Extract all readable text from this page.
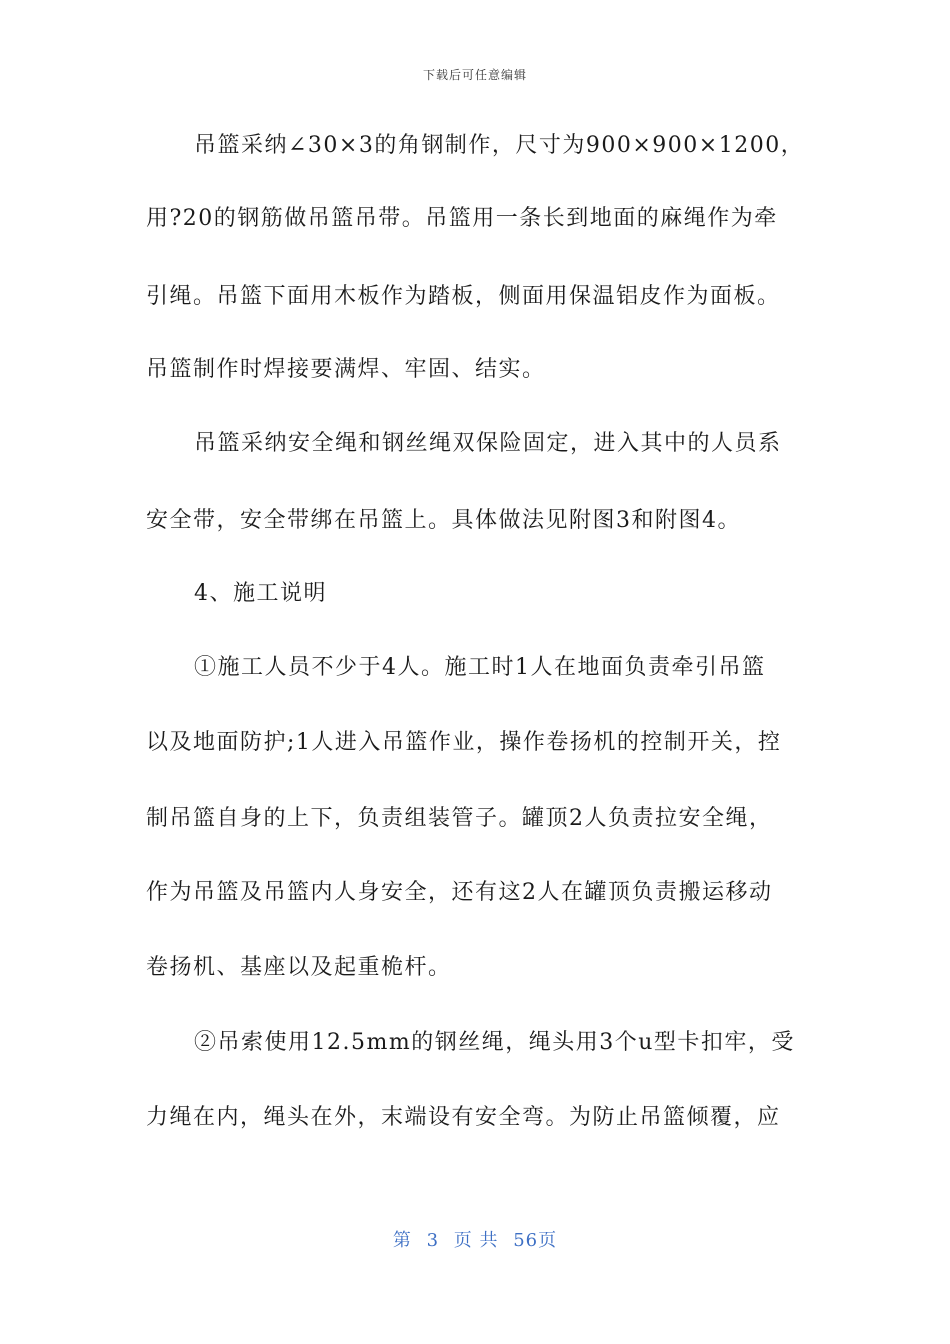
下载后可任意编辑
吊篮采纳∠30×3的角钢制作，尺寸为900×900×1200，
用?20的钢筋做吊篮吊带。吊篮用一条长到地面的麻绳作为牵
引绳。吊篮下面用木板作为踏板，侧面用保温铝皮作为面板。
吊篮制作时焊接要满焊、牢固、结实。
吊篮采纳安全绳和钢丝绳双保险固定，进入其中的人员系
安全带，安全带绑在吊篮上。具体做法见附图3和附图4。
4、施工说明
①施工人员不少于4人。施工时1人在地面负责牵引吊篮
以及地面防护;1人进入吊篮作业，操作卷扬机的控制开关，控
制吊篮自身的上下，负责组装管子。罐顶2人负责拉安全绳，
作为吊篮及吊篮内人身安全，还有这2人在罐顶负责搬运移动
卷扬机、基座以及起重桅杆。
②吊索使用12.5mm的钢丝绳，绳头用3个u型卡扣牢，受
力绳在内，绳头在外，末端设有安全弯。为防止吊篮倾覆，应
第 3 页 共 56页
